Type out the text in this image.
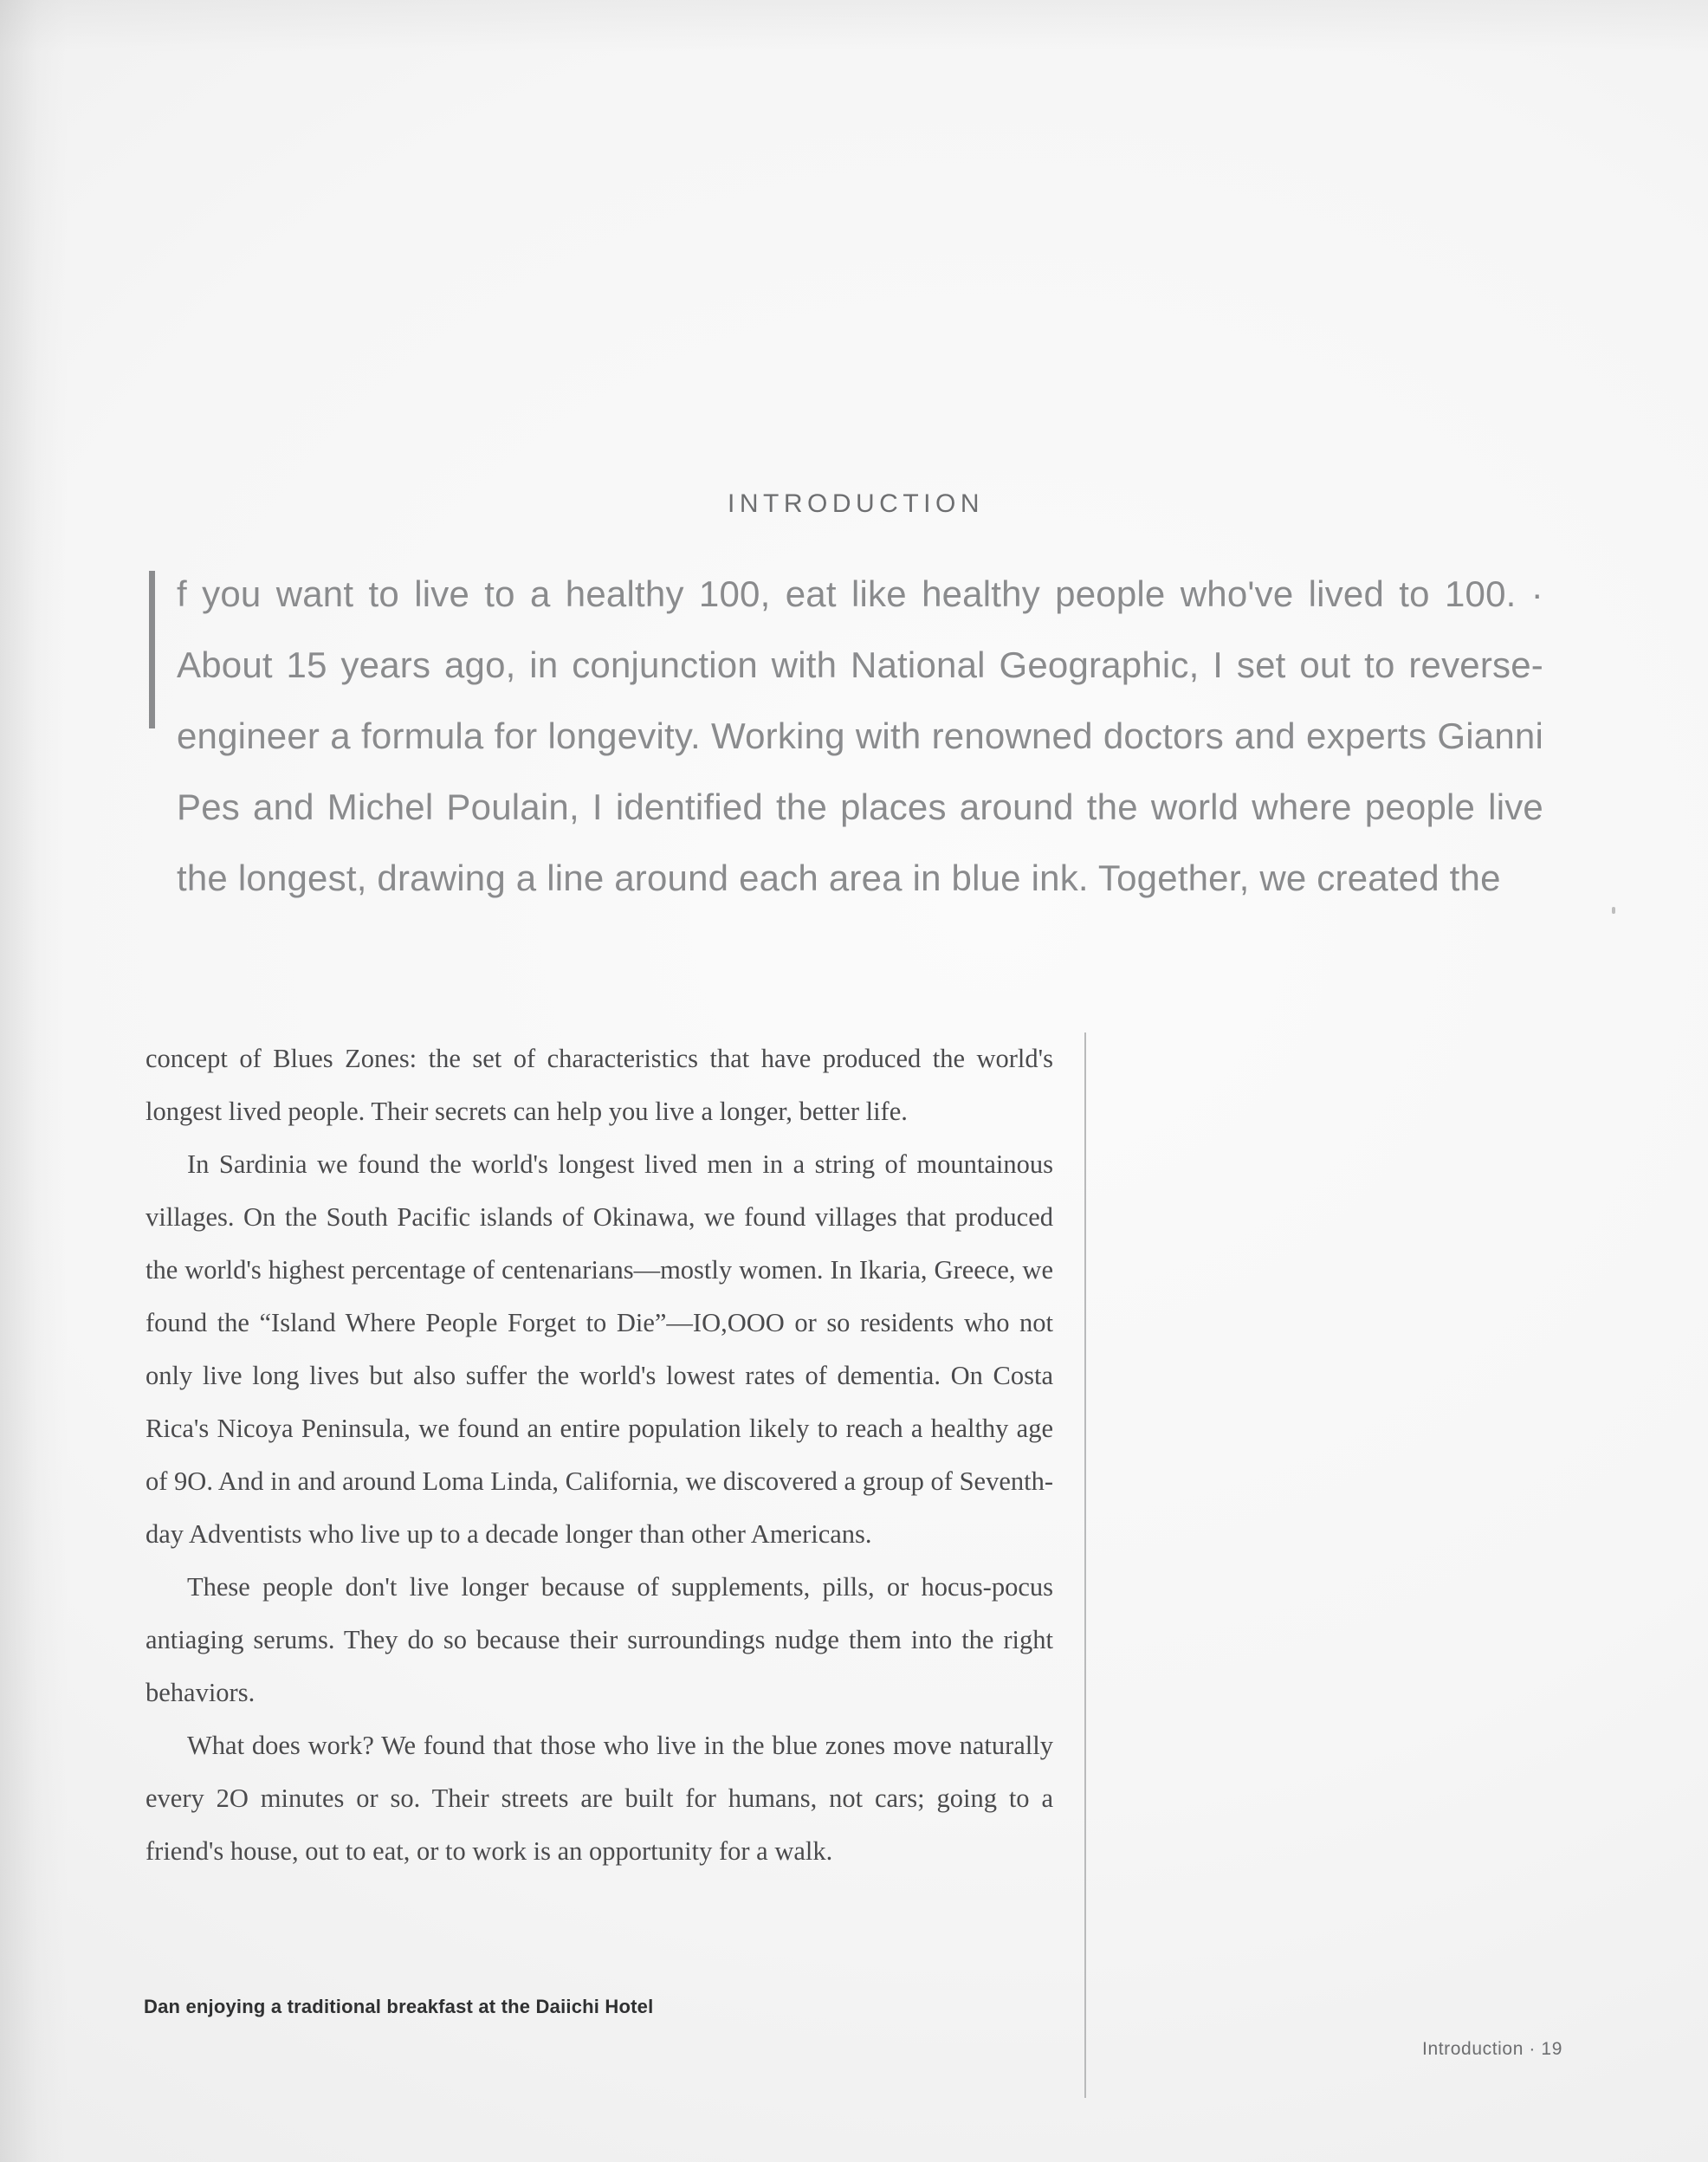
INTRODUCTION
f you want to live to a healthy 100, eat like healthy people who've lived to 100. · About 15 years ago, in conjunction with National Geographic, I set out to reverse-engineer a formula for longevity. Working with renowned doctors and experts Gianni Pes and Michel Poulain, I identified the places around the world where people live the longest, drawing a line around each area in blue ink. Together, we created the

concept of Blues Zones: the set of characteristics that have produced the world's longest lived people. Their secrets can help you live a longer, better life.

In Sardinia we found the world's longest lived men in a string of mountainous villages. On the South Pacific islands of Okinawa, we found villages that produced the world's highest percentage of centenarians—mostly women. In Ikaria, Greece, we found the “Island Where People Forget to Die”—IO,OOO or so residents who not only live long lives but also suffer the world's lowest rates of dementia. On Costa Rica's Nicoya Peninsula, we found an entire population likely to reach a healthy age of 9O. And in and around Loma Linda, California, we discovered a group of Seventh-day Adventists who live up to a decade longer than other Americans.

These people don't live longer because of supplements, pills, or hocus-pocus antiaging serums. They do so because their surroundings nudge them into the right behaviors.

What does work? We found that those who live in the blue zones move naturally every 2O minutes or so. Their streets are built for humans, not cars; going to a friend's house, out to eat, or to work is an opportunity for a walk.

Dan enjoying a traditional breakfast at the Daiichi Hotel
Introduction · 19
